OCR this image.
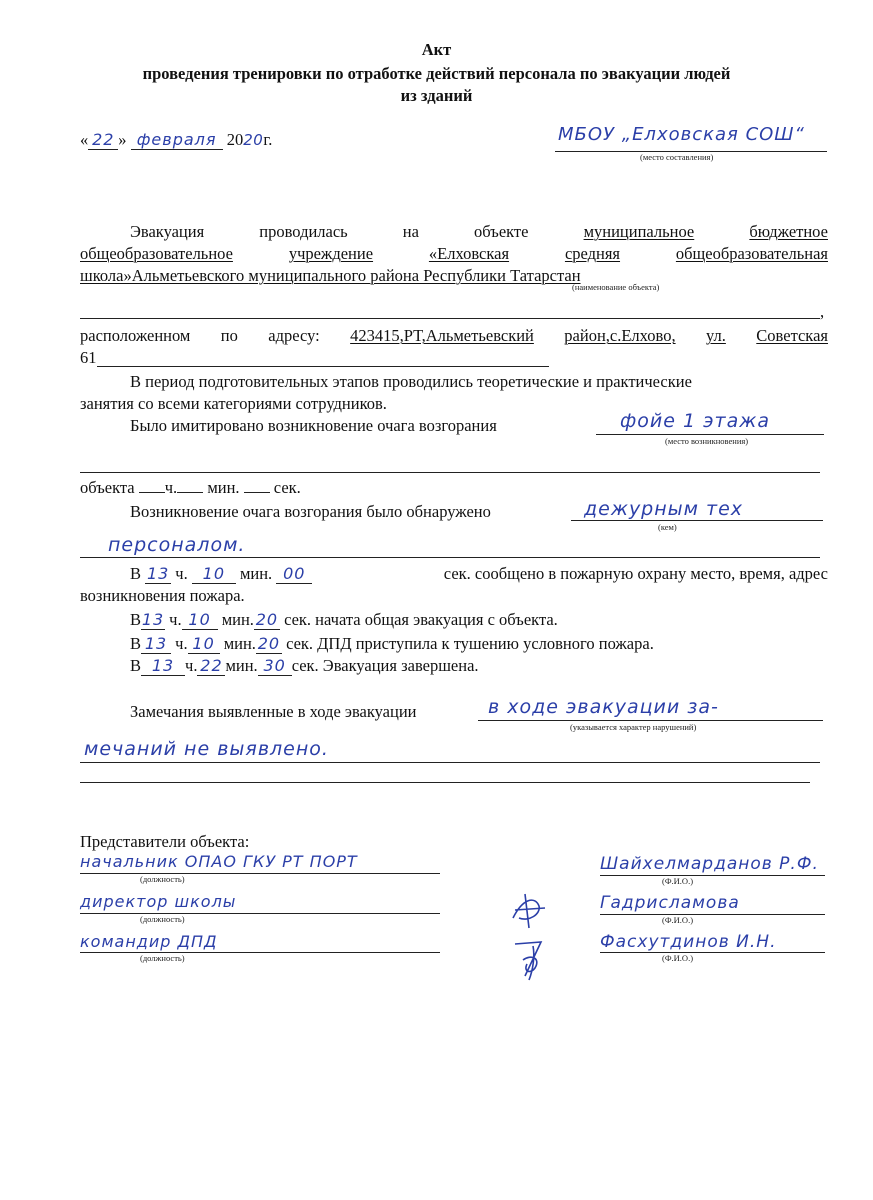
Акт
проведения тренировки по отработке действий персонала по эвакуации людей
из зданий
« 22 » февраля 2020г.	МБОУ „Елховская СОШ“
(место составления)
Эвакуация	проводилась	на	объекте	муниципальное	бюджетное
общеобразовательное	учреждение	«Елховская	средняя	общеобразовательная
школа»Альметьевского муниципального района Республики Татарстан
(наименование объекта)
,
расположенном по адресу: 423415,РТ,Альметьевский район,с.Елхово, ул. Советская
61
В период подготовительных этапов проводились теоретические и практические
занятия со всеми категориями сотрудников.
Было имитировано возникновение очага возгорания	фойе 1 этажа
(место возникновения)
объекта ч. мин. сек.
Возникновение очага возгорания было обнаружено	дежурным тех
(кем)
персоналом.
В 13 ч. 10 мин. 00	сек. сообщено в пожарную охрану место, время, адрес
возникновения пожара.
В13 ч. 10 мин. 20 сек. начата общая эвакуация с объекта.
В 13 ч. 10 мин. 20 сек. ДПД приступила к тушению условного пожара.
В 13 ч. 22 мин. 30 сек. Эвакуация завершена.
Замечания выявленные в ходе эвакуации	в ходе эвакуации за-
(указывается характер нарушений)
мечаний не выявлено.
Представители объекта:
начальник ОПАО ГКУ РТ ПОРТ
(должность)
Шайхелмарданов Р.Ф.
(Ф.И.О.)
директор школы
(должность)
Гадрисламова
(Ф.И.О.)
командир ДПД
(должность)
Фасхутдинов И.Н.
(Ф.И.О.)
